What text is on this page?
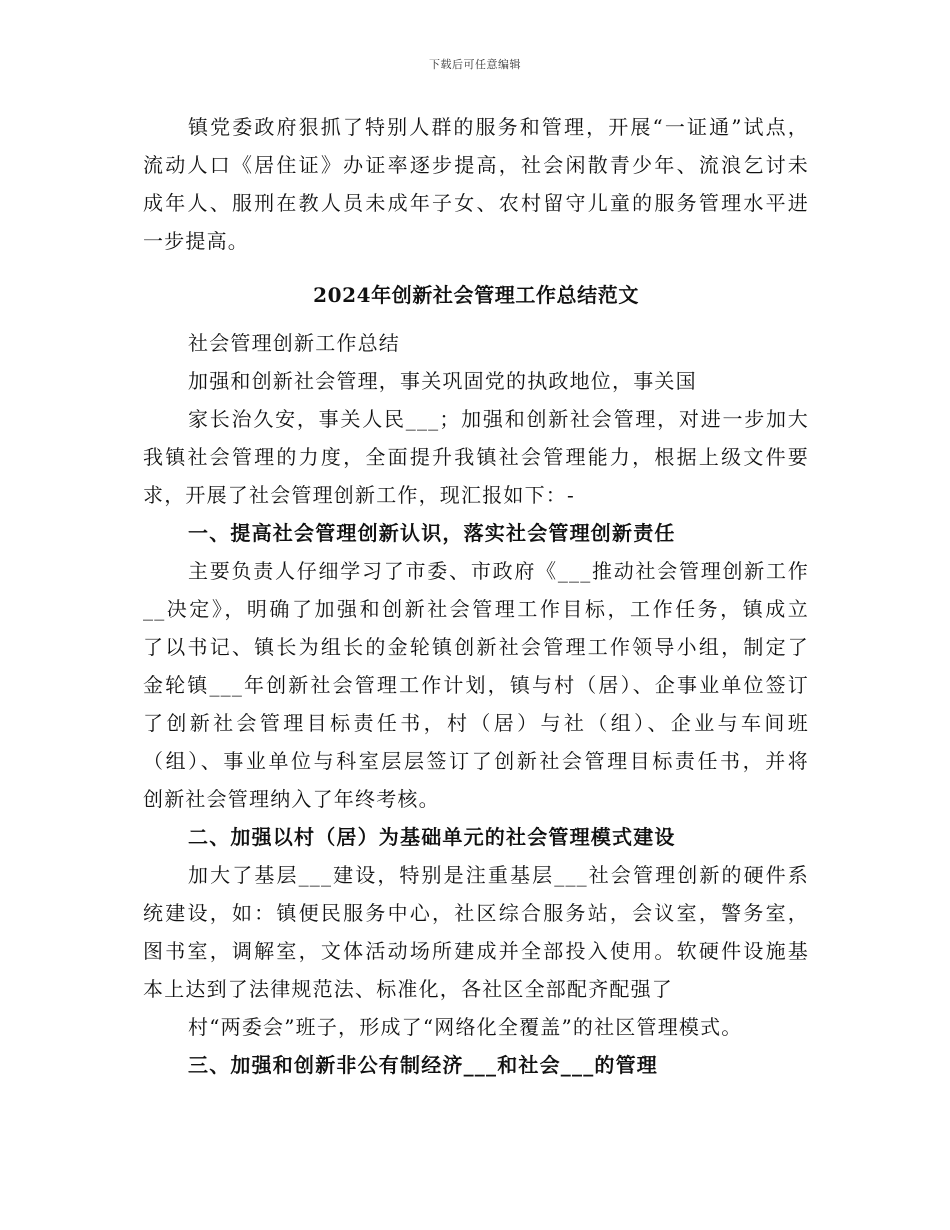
下载后可任意编辑
镇党委政府狠抓了特别人群的服务和管理，开展“一证通”试点，
流动人口《居住证》办证率逐步提高，社会闲散青少年、流浪乞讨未
成年人、服刑在教人员未成年子女、农村留守儿童的服务管理水平进
一步提高。
2024年创新社会管理工作总结范文
社会管理创新工作总结
加强和创新社会管理，事关巩固党的执政地位，事关国
家长治久安，事关人民___；加强和创新社会管理，对进一步加大
我镇社会管理的力度，全面提升我镇社会管理能力，根据上级文件要
求，开展了社会管理创新工作，现汇报如下：-
一、提高社会管理创新认识，落实社会管理创新责任
主要负责人仔细学习了市委、市政府《___推动社会管理创新工作
__决定》，明确了加强和创新社会管理工作目标，工作任务，镇成立
了以书记、镇长为组长的金轮镇创新社会管理工作领导小组，制定了
金轮镇___年创新社会管理工作计划，镇与村（居）、企事业单位签订
了创新社会管理目标责任书，村（居）与社（组）、企业与车间班
（组）、事业单位与科室层层签订了创新社会管理目标责任书，并将
创新社会管理纳入了年终考核。
二、加强以村（居）为基础单元的社会管理模式建设
加大了基层___建设，特别是注重基层___社会管理创新的硬件系
统建设，如：镇便民服务中心，社区综合服务站，会议室，警务室，
图书室，调解室，文体活动场所建成并全部投入使用。软硬件设施基
本上达到了法律规范法、标准化，各社区全部配齐配强了
村“两委会”班子，形成了“网络化全覆盖”的社区管理模式。
三、加强和创新非公有制经济___和社会___的管理
